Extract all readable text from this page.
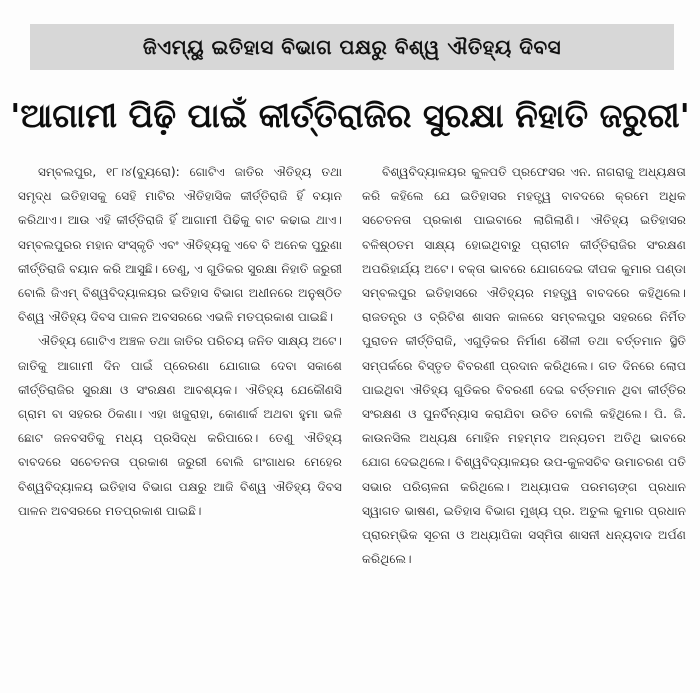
ଜିଏମ୍‌ୟୁ ଇତିହାସ ବିଭାଗ ପକ୍ଷରୁ ବିଶ୍ୱ ଐତିହ୍ୟ ଦିବସ
'ଆଗାମୀ ପିଢ଼ି ପାଇଁ କୀର୍ତ୍ତିରାଜିର ସୁରକ୍ଷା ନିହାତି ଜରୁରୀ'

ସମ୍ବଲପୁର, ୧୮।୪(ବ୍ୟୁରୋ): ଗୋଟିଏ ଜାତିର ଐତିହ୍ୟ ତଥା ସମୃଦ୍ଧ ଇତିହାସକୁ ସେହି ମାଟିର ଐତିହାସିକ କୀର୍ତ୍ତିରାଜି ହିଁ ବୟାନ କରିଥାଏ। ଆଉ ଏହି କୀର୍ତ୍ତିରାଜି ହିଁ ଆଗାମୀ ପିଢିକୁ ବାଟ କଢାଇ ଥାଏ। ସମ୍ବଲପୁରର ମହାନ ସଂସ୍କୃତି ଏବଂ ଐତିହ୍ୟକୁ ଏବେ ବି ଅନେକ ପୁରୁଣା କୀର୍ତ୍ତିରାଜି ବୟାନ କରି ଆସୁଛି। ତେଣୁ, ଏ ଗୁଡିକର ସୁରକ୍ଷା ନିହାତି ଜରୁରୀ ବୋଲି ଜିଏମ୍ ବିଶ୍ୱବିଦ୍ୟାଳୟର ଇତିହାସ ବିଭାଗ ଅଧୀନରେ ଅନୁଷ୍ଠିତ ବିଶ୍ୱ ଐତିହ୍ୟ ଦିବସ ପାଳନ ଅବସରରେ ଏଭଳି ମତପ୍ରକାଶ ପାଇଛି।

ଐତିହ୍ୟ ଗୋଟିଏ ଅଞ୍ଚଳ ତଥା ଜାତିର ପରିଚୟ ଜନିତ ସାକ୍ଷ୍ୟ ଅଟେ। ଜାତିକୁ ଆଗାମୀ ଦିନ ପାଇଁ ପ୍ରେରଣା ଯୋଗାଇ ଦେବା ସକାଶେ କୀର୍ତ୍ତିରାଜିର ସୁରକ୍ଷା ଓ ସଂରକ୍ଷଣ ଆବଶ୍ୟକ। ଐତିହ୍ୟ ଯେକୌଣସି ଗ୍ରାମ ବା ସହରର ଠିକଣା। ଏହା ଖଜୁରାହା, କୋଣାର୍କ ଅଥବା ହୁମା ଭଳି ଛୋଟ ଜନବସତିକୁ ମଧ୍ୟ ପ୍ରସିଦ୍ଧ କରିପାରେ। ତେଣୁ ଐତିହ୍ୟ ବାବଦରେ ସଚେତନତା ପ୍ରକାଶ ଜରୁରୀ ବୋଲି ଗଂଗାଧର ମେହେର ବିଶ୍ୱବିଦ୍ୟାଳୟ ଇତିହାସ ବିଭାଗ ପକ୍ଷରୁ ଆଜି ବିଶ୍ୱ ଐତିହ୍ୟ ଦିବସ ପାଳନ ଅବସରରେ ମତପ୍ରକାଶ ପାଇଛି।

ବିଶ୍ୱବିଦ୍ୟାଳୟର କୁଳପତି ପ୍ରଫେସର ଏନ. ନାଗରାଜୁ ଅଧ୍ୟକ୍ଷତା କରି କହିଲେ ଯେ ଇତିହାସର ମହତ୍ତ୍ୱ ବାବଦରେ କ୍ରମେ ଅଧିକ ସଚେତନତା ପ୍ରକାଶ ପାଇବାରେ ଲାଗିଲାଣି। ଐତିହ୍ୟ ଇତିହାସର ବଳିଷ୍ଠତମ ସାକ୍ଷ୍ୟ ହୋଇଥିବାରୁ ପ୍ରାଚୀନ କୀର୍ତ୍ତିରାଜିର ସଂରକ୍ଷଣ ଅପରିହାର୍ଯ୍ୟ ଅଟେ। ବକ୍ତା ଭାବରେ ଯୋଗଦେଇ ଦୀପକ କୁମାର ପଣ୍ଡା ସମ୍ବଲପୁର ଇତିହାସରେ ଐତିହ୍ୟର ମହତ୍ତ୍ୱ ବାବଦରେ କହିଥିଲେ। ରାଜତନ୍ତ୍ର ଓ ବ୍ରିଟିଶ ଶାସନ କାଳରେ ସମ୍ବଲପୁର ସହରରେ ନିର୍ମିତ ପୁରାତନ କୀର୍ତ୍ତିରାଜି, ଏଗୁଡ଼ିକର ନିର୍ମାଣ ଶୈଳୀ ତଥା ବର୍ତ୍ତମାନ ସ୍ଥିତି ସମ୍ପର୍କରେ ବିସ୍ତୃତ ବିବରଣୀ ପ୍ରଦାନ କରିଥିଲେ। ଗତ ଦିନରେ ଲୋପ ପାଇଥିବା ଐତିହ୍ୟ ଗୁଡିକର ବିବରଣୀ ଦେଇ ବର୍ତ୍ତମାନ ଥିବା କୀର୍ତ୍ତିର ସଂରକ୍ଷଣ ଓ ପୁନର୍ବିନ୍ୟାସ କରାଯିବା ଉଚିତ ବୋଲି କହିଥିଲେ। ପି. ଜି. କାଉନସିଲ ଅଧ୍ୟକ୍ଷ ମୋହିନ ମହମ୍ମଦ ଅନ୍ୟତମ ଅତିଥି ଭାବରେ ଯୋଗ ଦେଇଥିଲେ। ବିଶ୍ୱବିଦ୍ୟାଳୟର ଉପ-କୁଳସଚିବ ଉମାଚରଣ ପତି ସଭାର ପରିଚାଳନା କରିଥିଲେ। ଅଧ୍ୟାପକ ପରମଚାଙ୍ଗ ପ୍ରଧାନ ସ୍ୱାଗତ ଭାଷଣ, ଇତିହାସ ବିଭାଗ ମୁଖ୍ୟ ପ୍ର. ଅତୁଲ କୁମାର ପ୍ରଧାନ ପ୍ରାରମ୍ଭିକ ସୂଚନା ଓ ଅଧ୍ୟାପିକା ସସ୍ମିତା ଶାସନୀ ଧନ୍ୟବାଦ ଅର୍ପଣ କରିଥିଲେ।
